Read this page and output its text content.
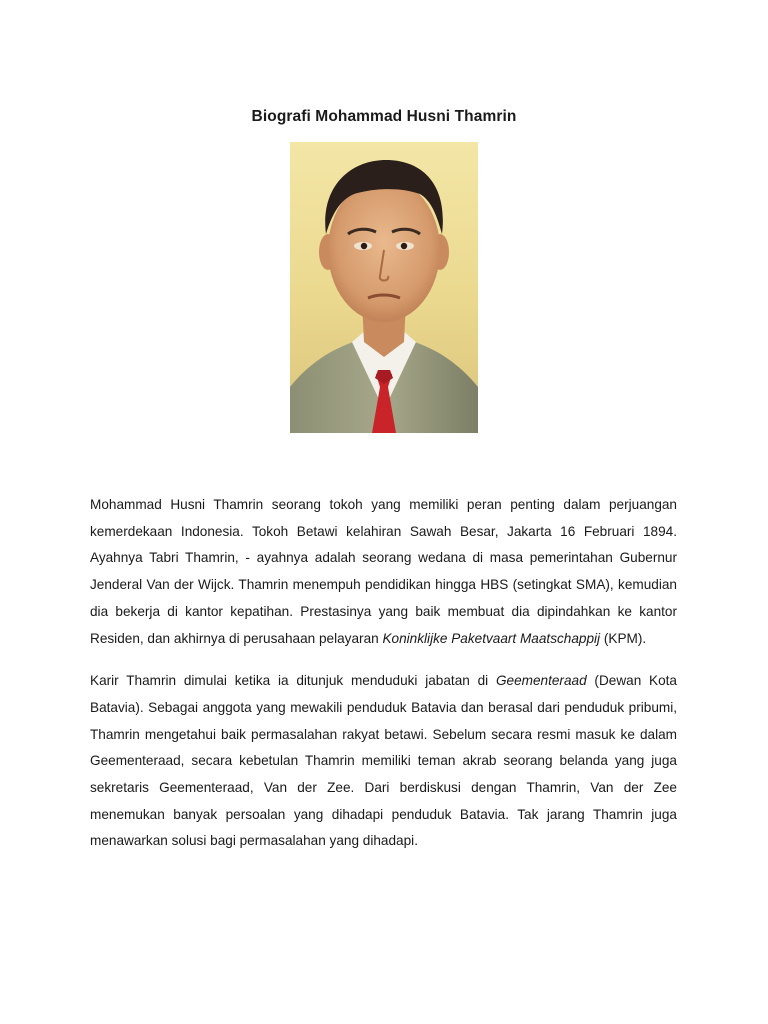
Biografi Mohammad Husni Thamrin

Mohammad Husni Thamrin seorang tokoh yang memiliki peran penting dalam perjuangan kemerdekaan Indonesia. Tokoh Betawi kelahiran Sawah Besar, Jakarta 16 Februari 1894. Ayahnya Tabri Thamrin, - ayahnya adalah seorang wedana di masa pemerintahan Gubernur Jenderal Van der Wijck. Thamrin menempuh pendidikan hingga HBS (setingkat SMA), kemudian dia bekerja di kantor kepatihan. Prestasinya yang baik membuat dia dipindahkan ke kantor Residen, dan akhirnya di perusahaan pelayaran Koninklijke Paketvaart Maatschappij (KPM).

Karir Thamrin dimulai ketika ia ditunjuk menduduki jabatan di Geementeraad (Dewan Kota Batavia). Sebagai anggota yang mewakili penduduk Batavia dan berasal dari penduduk pribumi, Thamrin mengetahui baik permasalahan rakyat betawi. Sebelum secara resmi masuk ke dalam Geementeraad, secara kebetulan Thamrin memiliki teman akrab seorang belanda yang juga sekretaris Geementeraad, Van der Zee. Dari berdiskusi dengan Thamrin, Van der Zee menemukan banyak persoalan yang dihadapi penduduk Batavia. Tak jarang Thamrin juga menawarkan solusi bagi permasalahan yang dihadapi.
